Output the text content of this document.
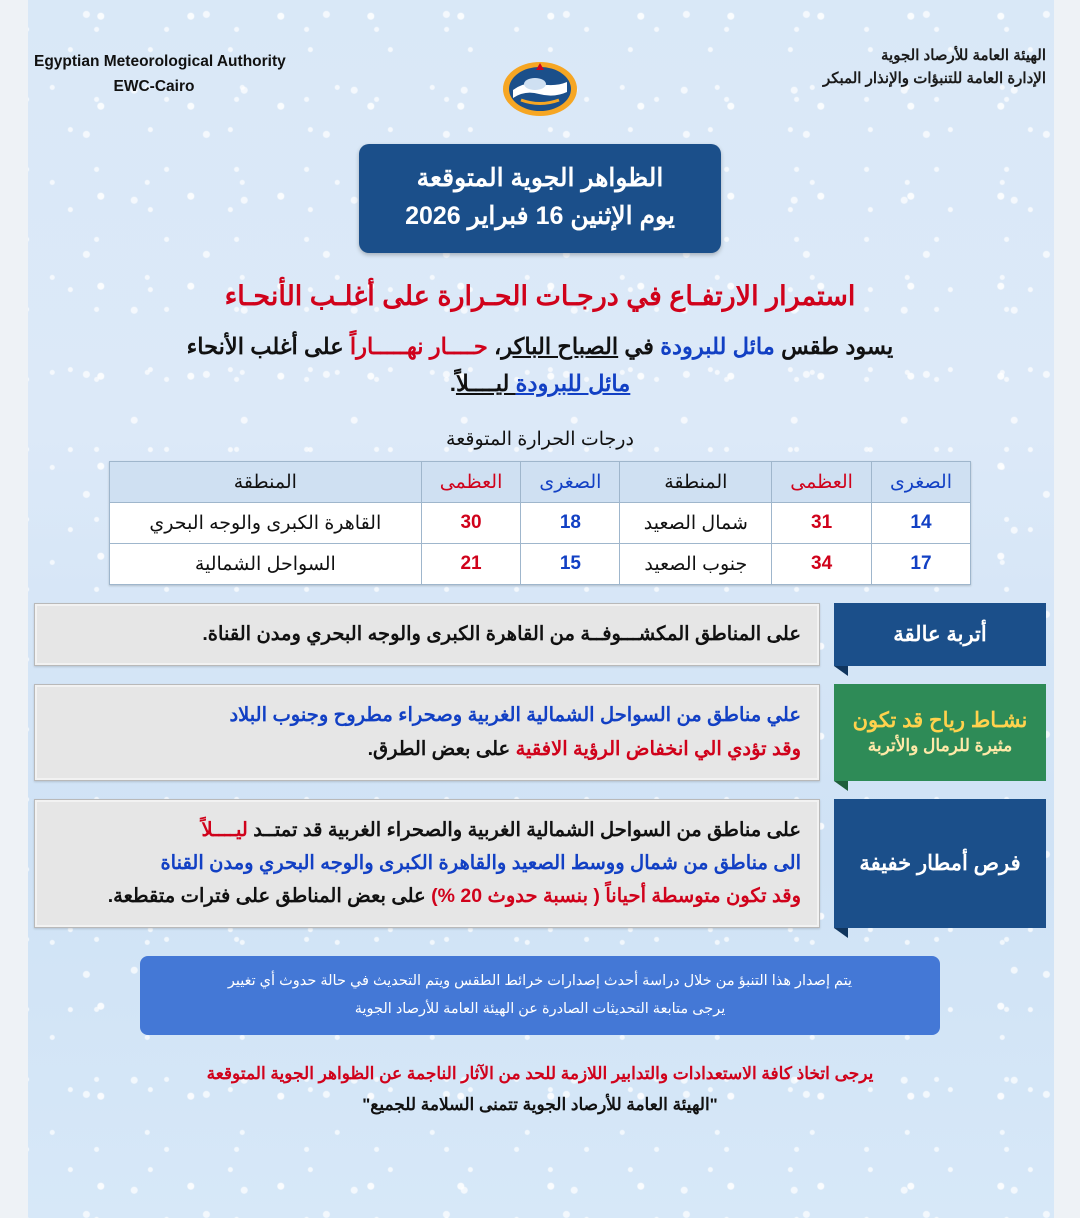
الهيئة العامة للأرصاد الجوية
الإدارة العامة للتنبؤات والإنذار المبكر
Egyptian Meteorological Authority
EWC-Cairo
الظواهر الجوية المتوقعة
يوم الإثنين 16 فبراير 2026
استمرار الارتفـاع في درجـات الحـرارة على أغلـب الأنحـاء
يسود طقس مائل للبرودة في الصباح الباكر، حــــار نهـــــاراً على أغلب الأنحاء
مائل للبرودة ليــــلاً.
درجات الحرارة المتوقعة
الصغرى	العظمى	المنطقة	الصغرى	العظمى	المنطقة
14	31	شمال الصعيد	18	30	القاهرة الكبرى والوجه البحري
17	34	جنوب الصعيد	15	21	السواحل الشمالية
أتربة عالقة
على المناطق المكشـــوفــة من القاهرة الكبرى والوجه البحري ومدن القناة.
نشـاط رياح قد تكون
مثيرة للرمال والأتربة
علي مناطق من السواحل الشمالية الغربية وصحراء مطروح وجنوب البلاد
وقد تؤدي الي انخفاض الرؤية الافقية على بعض الطرق.
فرص أمطار خفيفة
على مناطق من السواحل الشمالية الغربية والصحراء الغربية قد تمتــد ليــــلاً
الى مناطق من شمال ووسط الصعيد والقاهرة الكبرى والوجه البحري ومدن القناة
وقد تكون متوسطة أحياناً ( بنسبة حدوث 20 %) على بعض المناطق على فترات متقطعة.
يتم إصدار هذا التنبؤ من خلال دراسة أحدث إصدارات خرائط الطقس ويتم التحديث في حالة حدوث أي تغيير
يرجى متابعة التحديثات الصادرة عن الهيئة العامة للأرصاد الجوية
يرجى اتخاذ كافة الاستعدادات والتدابير اللازمة للحد من الآثار الناجمة عن الظواهر الجوية المتوقعة
"الهيئة العامة للأرصاد الجوية تتمنى السلامة للجميع"
